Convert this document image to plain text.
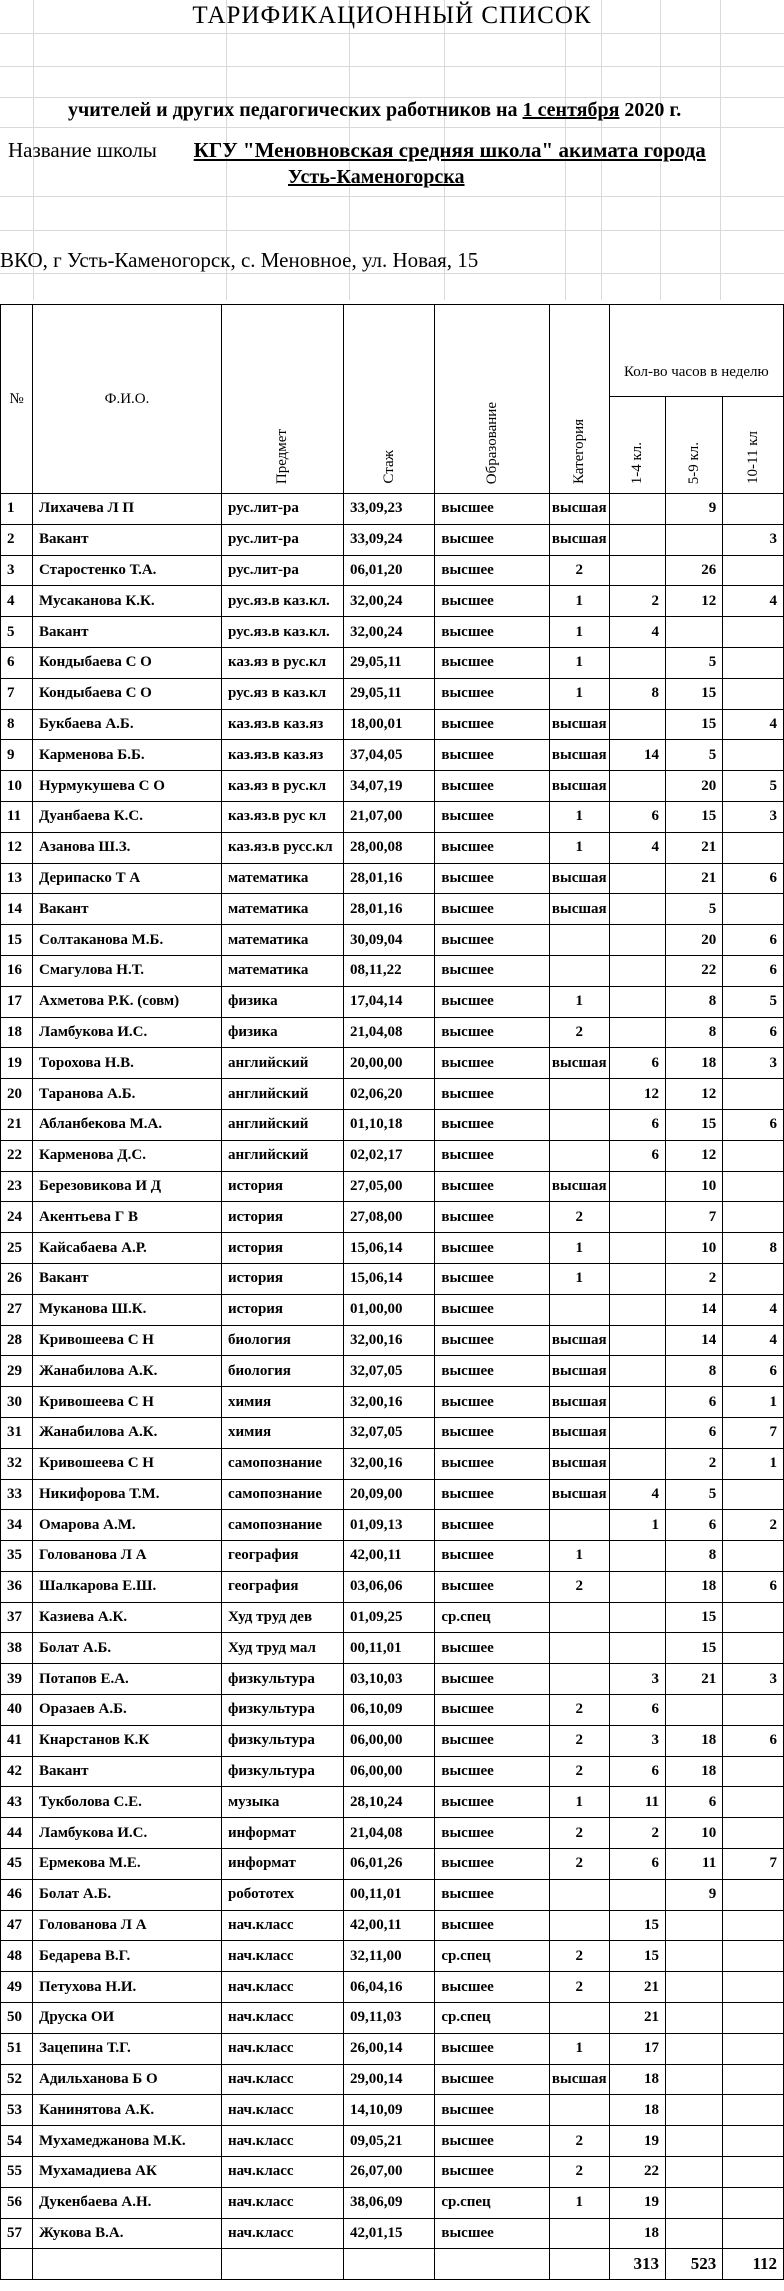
ТАРИФИКАЦИОННЫЙ СПИСОК
учителей и других педагогических работников на 1 сентября 2020 г.
Название школы КГУ "Меновновская средняя школа" акимата города
Усть-Каменогорска
ВКО, г Усть-Каменогорск, с. Меновное, ул. Новая, 15
№	Ф.И.О.	Предмет	Стаж	Образование	Категория			
						Кол-во часов в неделю		
						1-4 кл.	5-9 кл.	10-11 кл
1	Лихачева Л П	рус.лит-ра	33,09,23	высшее	высшая		9	
2	Вакант	рус.лит-ра	33,09,24	высшее	высшая			3
3	Старостенко Т.А.	рус.лит-ра	06,01,20	высшее	2		26	
4	Мусаканова К.К.	рус.яз.в каз.кл.	32,00,24	высшее	1	2	12	4
5	Вакант	рус.яз.в каз.кл.	32,00,24	высшее	1	4		
6	Кондыбаева С О	каз.яз в рус.кл	29,05,11	высшее	1		5	
7	Кондыбаева С О	рус.яз в каз.кл	29,05,11	высшее	1	8	15	
8	Букбаева А.Б.	каз.яз.в каз.яз	18,00,01	высшее	высшая		15	4
9	Карменова Б.Б.	каз.яз.в каз.яз	37,04,05	высшее	высшая	14	5	
10	Нурмукушева С О	каз.яз в рус.кл	34,07,19	высшее	высшая		20	5
11	Дуанбаева К.С.	каз.яз.в рус кл	21,07,00	высшее	1	6	15	3
12	Азанова Ш.З.	каз.яз.в русс.кл	28,00,08	высшее	1	4	21	
13	Дерипаско Т А	математика	28,01,16	высшее	высшая		21	6
14	Вакант	математика	28,01,16	высшее	высшая		5	
15	Солтаканова М.Б.	математика	30,09,04	высшее			20	6
16	Смагулова Н.Т.	математика	08,11,22	высшее			22	6
17	Ахметова Р.К. (совм)	физика	17,04,14	высшее	1		8	5
18	Ламбукова И.С.	физика	21,04,08	высшее	2		8	6
19	Торохова Н.В.	английский	20,00,00	высшее	высшая	6	18	3
20	Таранова А.Б.	английский	02,06,20	высшее		12	12	
21	Абланбекова М.А.	английский	01,10,18	высшее		6	15	6
22	Карменова Д.С.	английский	02,02,17	высшее		6	12	
23	Березовикова И Д	история	27,05,00	высшее	высшая		10	
24	Акентьева Г В	история	27,08,00	высшее	2		7	
25	Кайсабаева А.Р.	история	15,06,14	высшее	1		10	8
26	Вакант	история	15,06,14	высшее	1		2	
27	Муканова Ш.К.	история	01,00,00	высшее			14	4
28	Кривошеева С Н	биология	32,00,16	высшее	высшая		14	4
29	Жанабилова А.К.	биология	32,07,05	высшее	высшая		8	6
30	Кривошеева С Н	химия	32,00,16	высшее	высшая		6	1
31	Жанабилова А.К.	химия	32,07,05	высшее	высшая		6	7
32	Кривошеева С Н	самопознание	32,00,16	высшее	высшая		2	1
33	Никифорова Т.М.	самопознание	20,09,00	высшее	высшая	4	5	
34	Омарова А.М.	самопознание	01,09,13	высшее		1	6	2
35	Голованова Л А	география	42,00,11	высшее	1		8	
36	Шалкарова Е.Ш.	география	03,06,06	высшее	2		18	6
37	Казиева А.К.	Худ труд дев	01,09,25	ср.спец			15	
38	Болат А.Б.	Худ труд мал	00,11,01	высшее			15	
39	Потапов Е.А.	физкультура	03,10,03	высшее		3	21	3
40	Оразаев А.Б.	физкультура	06,10,09	высшее	2	6		
41	Кнарстанов К.К	физкультура	06,00,00	высшее	2	3	18	6
42	Вакант	физкультура	06,00,00	высшее	2	6	18	
43	Тукболова С.Е.	музыка	28,10,24	высшее	1	11	6	
44	Ламбукова И.С.	информат	21,04,08	высшее	2	2	10	
45	Ермекова М.Е.	информат	06,01,26	высшее	2	6	11	7
46	Болат А.Б.	робототех	00,11,01	высшее			9	
47	Голованова Л А	нач.класс	42,00,11	высшее		15		
48	Бедарева В.Г.	нач.класс	32,11,00	ср.спец	2	15		
49	Петухова Н.И.	нач.класс	06,04,16	высшее	2	21		
50	Друска ОИ	нач.класс	09,11,03	ср.спец		21		
51	Зацепина Т.Г.	нач.класс	26,00,14	высшее	1	17		
52	Адильханова Б О	нач.класс	29,00,14	высшее	высшая	18		
53	Канинятова А.К.	нач.класс	14,10,09	высшее		18		
54	Мухамеджанова М.К.	нач.класс	09,05,21	высшее	2	19		
55	Мухамадиева АК	нач.класс	26,07,00	высшее	2	22		
56	Дукенбаева А.Н.	нач.класс	38,06,09	ср.спец	1	19		
57	Жукова В.А.	нач.класс	42,01,15	высшее		18		
						313	523	112
